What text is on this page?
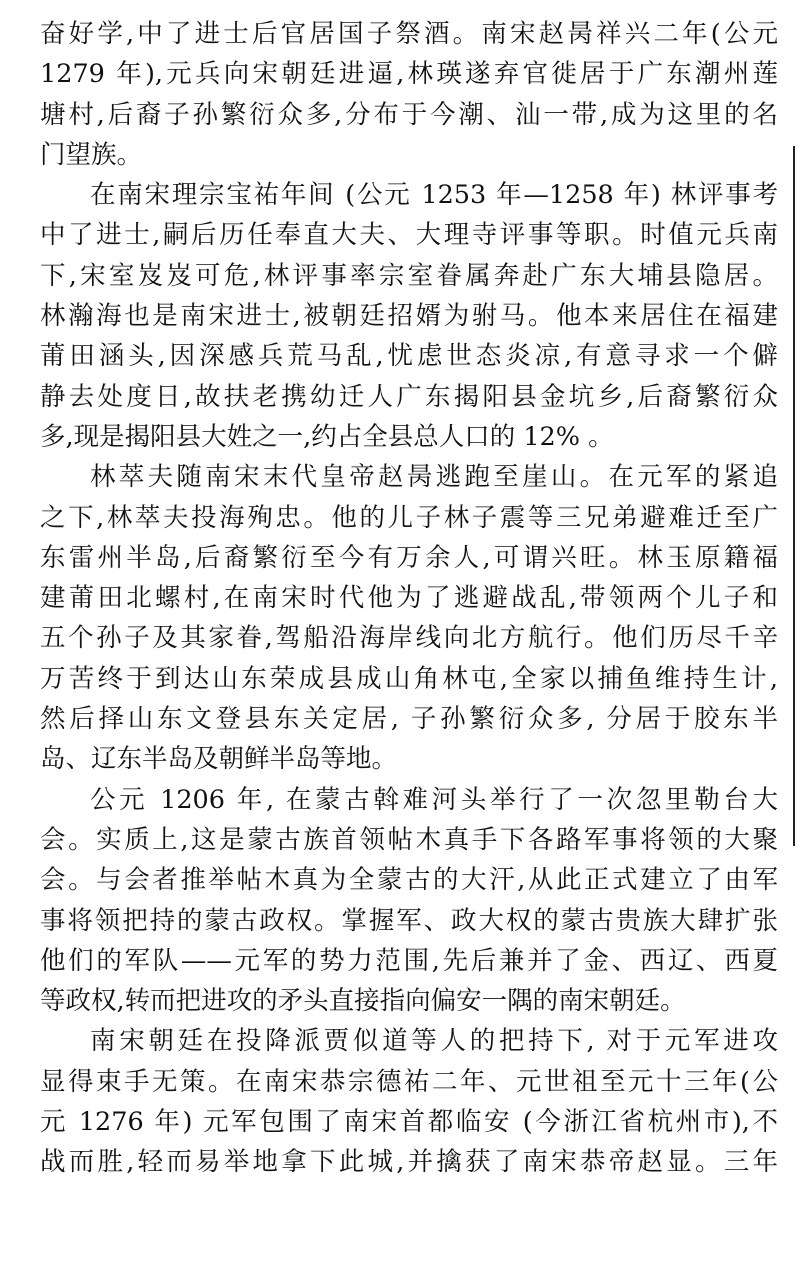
奋好学,中了进士后官居国子祭酒。南宋赵昺祥兴二年(公元
1279 年),元兵向宋朝廷进逼,林瑛遂弃官徙居于广东潮州莲
塘村,后裔子孙繁衍众多,分布于今潮、汕一带,成为这里的名
门望族。

在南宋理宗宝祐年间 (公元 1253 年—1258 年) 林评事考
中了进士,嗣后历任奉直大夫、大理寺评事等职。时值元兵南
下,宋室岌岌可危,林评事率宗室眷属奔赴广东大埔县隐居。
林瀚海也是南宋进士,被朝廷招婿为驸马。他本来居住在福建
莆田涵头,因深感兵荒马乱,忧虑世态炎凉,有意寻求一个僻
静去处度日,故扶老携幼迁人广东揭阳县金坑乡,后裔繁衍众
多,现是揭阳县大姓之一,约占全县总人口的 12% 。

林萃夫随南宋末代皇帝赵昺逃跑至崖山。在元军的紧追
之下,林萃夫投海殉忠。他的儿子林子震等三兄弟避难迁至广
东雷州半岛,后裔繁衍至今有万余人,可谓兴旺。林玉原籍福
建莆田北螺村,在南宋时代他为了逃避战乱,带领两个儿子和
五个孙子及其家眷,驾船沿海岸线向北方航行。他们历尽千辛
万苦终于到达山东荣成县成山角林屯,全家以捕鱼维持生计,
然后择山东文登县东关定居, 子孙繁衍众多, 分居于胶东半
岛、辽东半岛及朝鲜半岛等地。

公元 1206 年, 在蒙古斡难河头举行了一次忽里勒台大
会。实质上,这是蒙古族首领帖木真手下各路军事将领的大聚
会。与会者推举帖木真为全蒙古的大汗,从此正式建立了由军
事将领把持的蒙古政权。掌握军、政大权的蒙古贵族大肆扩张
他们的军队——元军的势力范围,先后兼并了金、西辽、西夏
等政权,转而把进攻的矛头直接指向偏安一隅的南宋朝廷。

南宋朝廷在投降派贾似道等人的把持下, 对于元军进攻
显得束手无策。在南宋恭宗德祐二年、元世祖至元十三年(公
元 1276 年) 元军包围了南宋首都临安 (今浙江省杭州市),不
战而胜,轻而易举地拿下此城,并擒获了南宋恭帝赵显。三年
